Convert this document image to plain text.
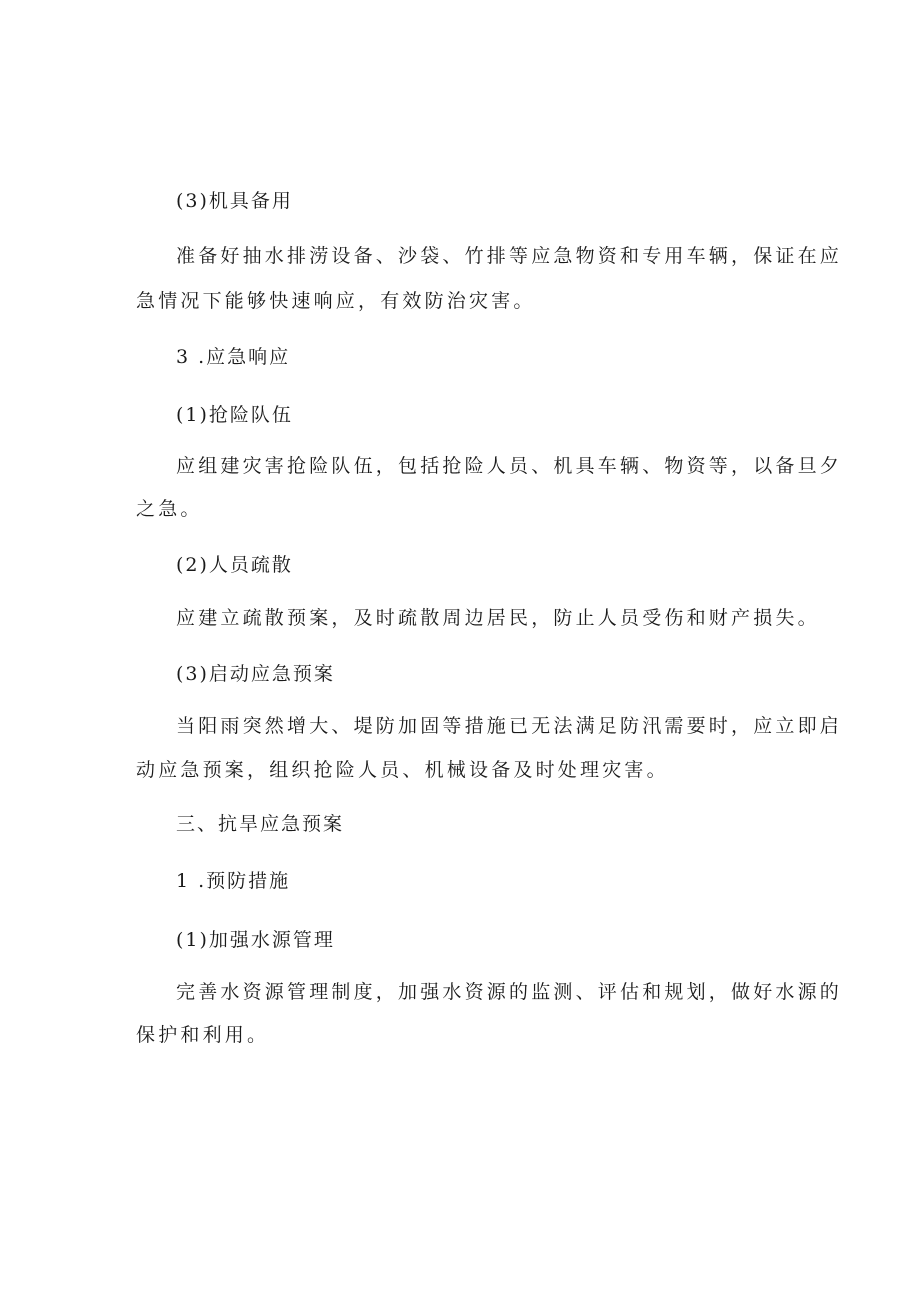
(3)机具备用
准备好抽水排涝设备、沙袋、竹排等应急物资和专用车辆，保证在应
急情况下能够快速响应，有效防治灾害。
3 .应急响应
(1)抢险队伍
应组建灾害抢险队伍，包括抢险人员、机具车辆、物资等，以备旦夕
之急。
(2)人员疏散
应建立疏散预案，及时疏散周边居民，防止人员受伤和财产损失。
(3)启动应急预案
当阳雨突然增大、堤防加固等措施已无法满足防汛需要时，应立即启
动应急预案，组织抢险人员、机械设备及时处理灾害。
三、抗旱应急预案
1 .预防措施
(1)加强水源管理
完善水资源管理制度，加强水资源的监测、评估和规划，做好水源的
保护和利用。
